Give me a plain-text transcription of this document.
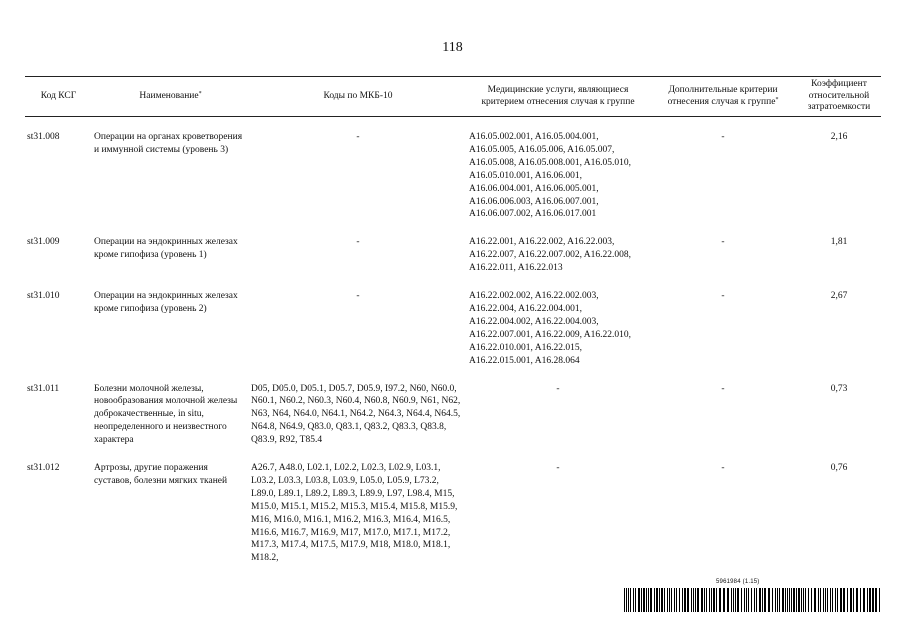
118
Код КСГ	Наименование*	Коды по МКБ-10	Медицинские услуги, являющиеся критерием отнесения случая к группе	Дополнительные критерии отнесения случая к группе*	Коэффициент относительной затратоемкости
st31.008	Операции на органах кроветворения и иммунной системы (уровень 3)	-	A16.05.002.001, A16.05.004.001, A16.05.005, A16.05.006, A16.05.007, A16.05.008, A16.05.008.001, A16.05.010, A16.05.010.001, A16.06.001, A16.06.004.001, A16.06.005.001, A16.06.006.003, A16.06.007.001, A16.06.007.002, A16.06.017.001	-	2,16
st31.009	Операции на эндокринных железах кроме гипофиза (уровень 1)	-	A16.22.001, A16.22.002, A16.22.003, A16.22.007, A16.22.007.002, A16.22.008, A16.22.011, A16.22.013	-	1,81
st31.010	Операции на эндокринных железах кроме гипофиза (уровень 2)	-	A16.22.002.002, A16.22.002.003, A16.22.004, A16.22.004.001, A16.22.004.002, A16.22.004.003, A16.22.007.001, A16.22.009, A16.22.010, A16.22.010.001, A16.22.015, A16.22.015.001, A16.28.064	-	2,67
st31.011	Болезни молочной железы, новообразования молочной железы доброкачественные, in situ, неопределенного и неизвестного характера	D05, D05.0, D05.1, D05.7, D05.9, I97.2, N60, N60.0, N60.1, N60.2, N60.3, N60.4, N60.8, N60.9, N61, N62, N63, N64, N64.0, N64.1, N64.2, N64.3, N64.4, N64.5, N64.8, N64.9, Q83.0, Q83.1, Q83.2, Q83.3, Q83.8, Q83.9, R92, T85.4	-	-	0,73
st31.012	Артрозы, другие поражения суставов, болезни мягких тканей	A26.7, A48.0, L02.1, L02.2, L02.3, L02.9, L03.1, L03.2, L03.3, L03.8, L03.9, L05.0, L05.9, L73.2, L89.0, L89.1, L89.2, L89.3, L89.9, L97, L98.4, M15, M15.0, M15.1, M15.2, M15.3, M15.4, M15.8, M15.9, M16, M16.0, M16.1, M16.2, M16.3, M16.4, M16.5, M16.6, M16.7, M16.9, M17, M17.0, M17.1, M17.2, M17.3, M17.4, M17.5, M17.9, M18, M18.0, M18.1, M18.2,	-	-	0,76
5961984 (1.15)
